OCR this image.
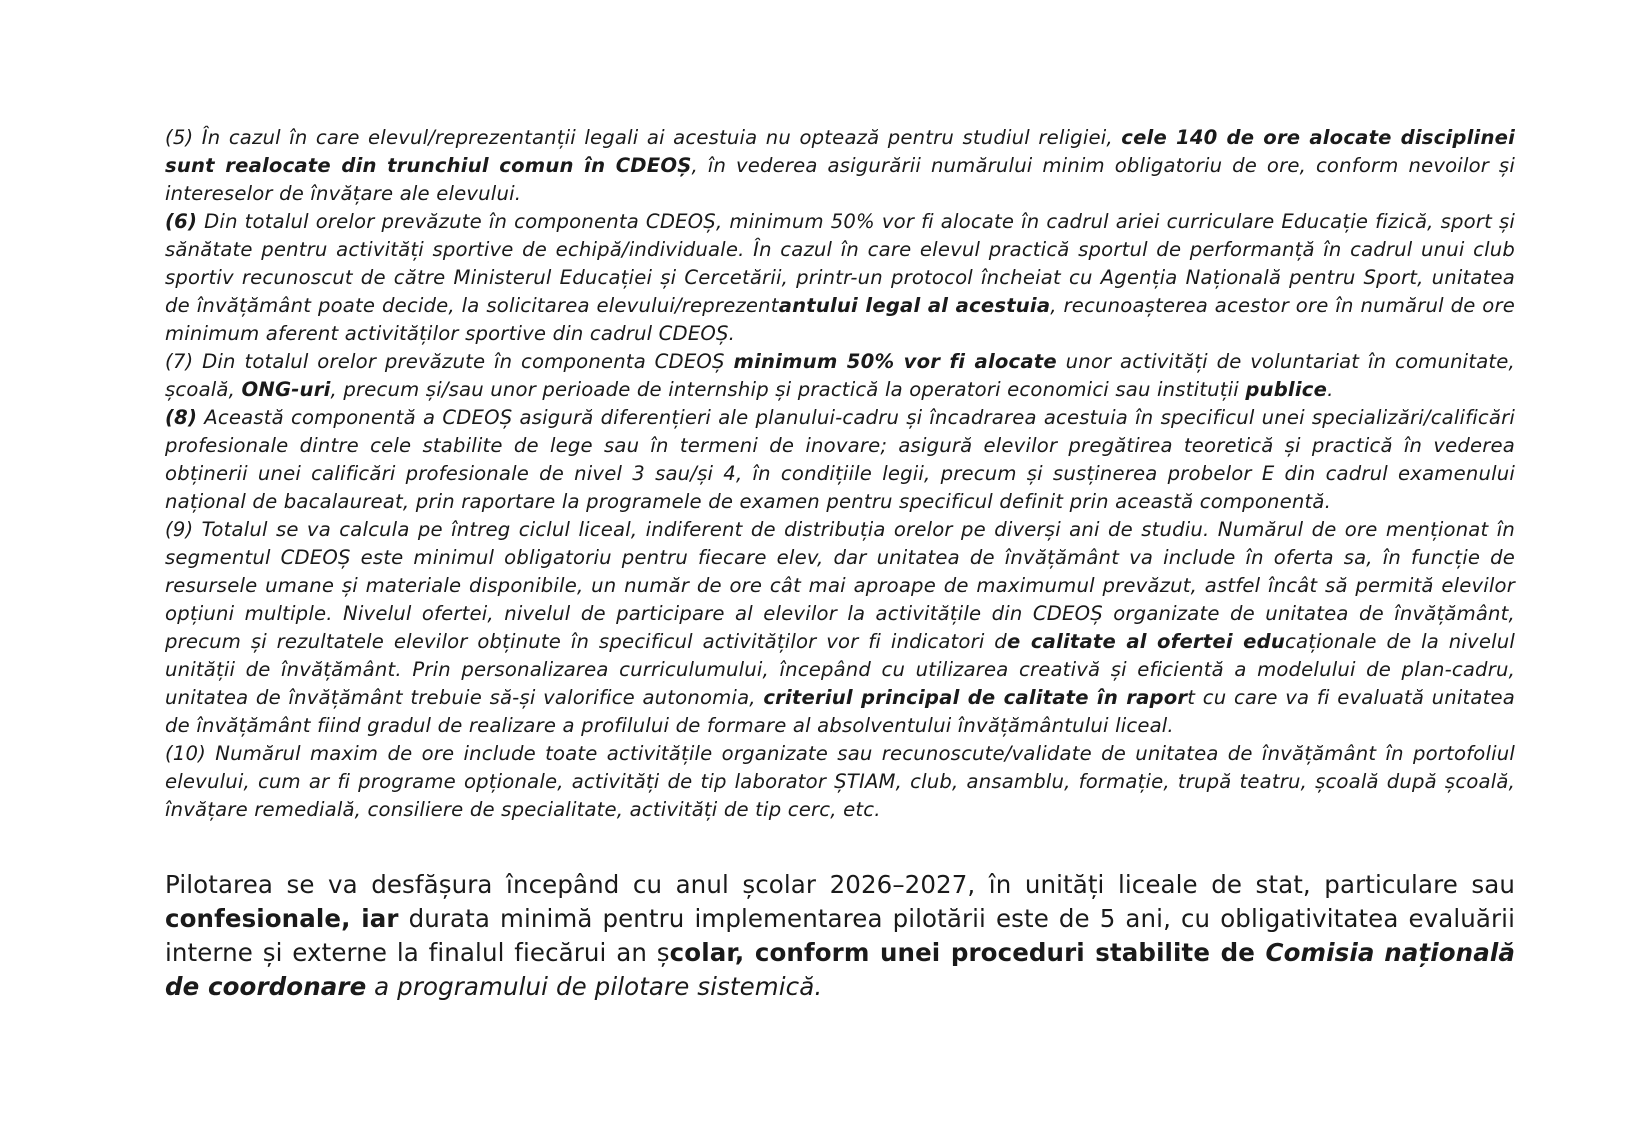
(5) În cazul în care elevul/reprezentanții legali ai acestuia nu optează pentru studiul religiei, cele 140 de ore alocate disciplinei sunt realocate din trunchiul comun în CDEOȘ, în vederea asigurării numărului minim obligatoriu de ore, conform nevoilor și intereselor de învățare ale elevului.

(6) Din totalul orelor prevăzute în componenta CDEOȘ, minimum 50% vor fi alocate în cadrul ariei curriculare Educație fizică, sport și sănătate pentru activități sportive de echipă/individuale. În cazul în care elevul practică sportul de performanță în cadrul unui club sportiv recunoscut de către Ministerul Educației și Cercetării, printr-un protocol încheiat cu Agenția Națională pentru Sport, unitatea de învățământ poate decide, la solicitarea elevului/reprezentantului legal al acestuia, recunoașterea acestor ore în numărul de ore minimum aferent activităților sportive din cadrul CDEOȘ.

(7) Din totalul orelor prevăzute în componenta CDEOȘ minimum 50% vor fi alocate unor activități de voluntariat în comunitate, școală, ONG-uri, precum și/sau unor perioade de internship și practică la operatori economici sau instituții publice.

(8) Această componentă a CDEOȘ asigură diferențieri ale planului-cadru și încadrarea acestuia în specificul unei specializări/calificări profesionale dintre cele stabilite de lege sau în termeni de inovare; asigură elevilor pregătirea teoretică și practică în vederea obținerii unei calificări profesionale de nivel 3 sau/și 4, în condițiile legii, precum și susținerea probelor E din cadrul examenului național de bacalaureat, prin raportare la programele de examen pentru specificul definit prin această componentă.

(9) Totalul se va calcula pe întreg ciclul liceal, indiferent de distribuția orelor pe diverși ani de studiu. Numărul de ore menționat în segmentul CDEOȘ este minimul obligatoriu pentru fiecare elev, dar unitatea de învățământ va include în oferta sa, în funcție de resursele umane și materiale disponibile, un număr de ore cât mai aproape de maximumul prevăzut, astfel încât să permită elevilor opțiuni multiple. Nivelul ofertei, nivelul de participare al elevilor la activitățile din CDEOȘ organizate de unitatea de învățământ, precum și rezultatele elevilor obținute în specificul activităților vor fi indicatori de calitate al ofertei educaționale de la nivelul unității de învățământ. Prin personalizarea curriculumului, începând cu utilizarea creativă și eficientă a modelului de plan-cadru, unitatea de învățământ trebuie să-și valorifice autonomia, criteriul principal de calitate în raport cu care va fi evaluată unitatea de învățământ fiind gradul de realizare a profilului de formare al absolventului învățământului liceal.

(10) Numărul maxim de ore include toate activitățile organizate sau recunoscute/validate de unitatea de învățământ în portofoliul elevului, cum ar fi programe opționale, activități de tip laborator ȘTIAM, club, ansamblu, formație, trupă teatru, școală după școală, învățare remedială, consiliere de specialitate, activități de tip cerc, etc.

Pilotarea se va desfășura începând cu anul școlar 2026–2027, în unități liceale de stat, particulare sau confesionale, iar durata minimă pentru implementarea pilotării este de 5 ani, cu obligativitatea evaluării interne și externe la finalul fiecărui an școlar, conform unei proceduri stabilite de Comisia națională de coordonare a programului de pilotare sistemică.
